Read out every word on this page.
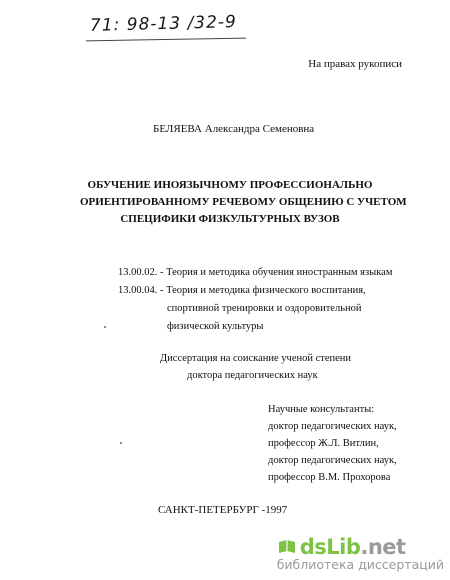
71: 98-13 /32-9
На правах рукописи
БЕЛЯЕВА Александра Семеновна
ОБУЧЕНИЕ ИНОЯЗЫЧНОМУ ПРОФЕССИОНАЛЬНО
ОРИЕНТИРОВАННОМУ РЕЧЕВОМУ ОБЩЕНИЮ С УЧЕТОМ
СПЕЦИФИКИ ФИЗКУЛЬТУРНЫХ ВУЗОВ
13.00.02. - Теория и методика обучения иностранным языкам
13.00.04. - Теория и методика физического воспитания,
спортивной тренировки и оздоровительной
физической культуры
Диссертация на соискание ученой степени
доктора педагогических наук
Научные консультанты:
доктор педагогических наук,
профессор Ж.Л. Витлин,
доктор педагогических наук,
профессор В.М. Прохорова
САНКТ-ПЕТЕРБУРГ -1997
dsLib.net
библиотека диссертаций
